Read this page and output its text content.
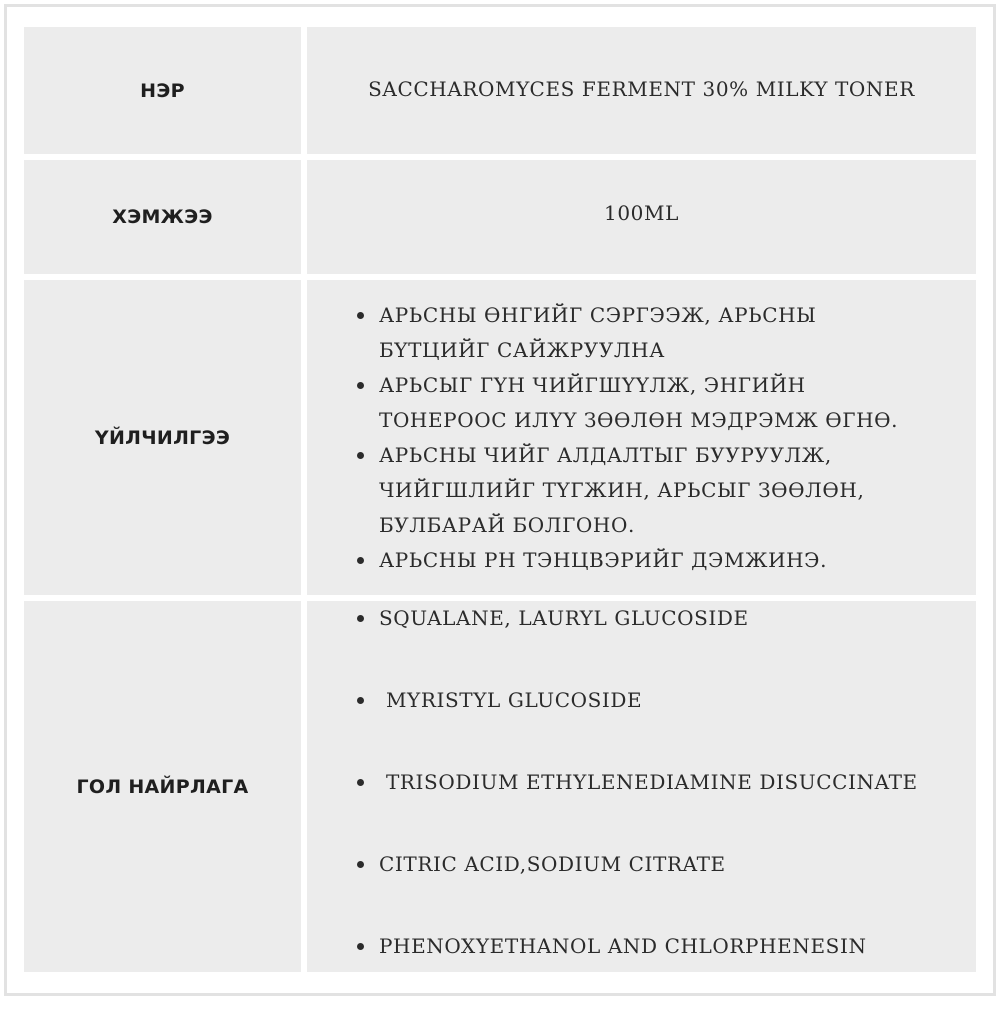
НЭР	SACCHAROMYCES FERMENT 30% MILKY TONER
ХЭМЖЭЭ	100ML
ҮЙЛЧИЛГЭЭ
АРЬСНЫ ӨНГИЙГ СЭРГЭЭЖ, АРЬСНЫ БҮТЦИЙГ САЙЖРУУЛНА
АРЬСЫГ ГҮН ЧИЙГШҮҮЛЖ, ЭНГИЙН ТОНЕРООС ИЛҮҮ ЗӨӨЛӨН МЭДРЭМЖ ӨГНӨ.
АРЬСНЫ ЧИЙГ АЛДАЛТЫГ БУУРУУЛЖ, ЧИЙГШЛИЙГ ТҮГЖИН, АРЬСЫГ ЗӨӨЛӨН, БУЛБАРАЙ БОЛГОНО.
АРЬСНЫ PH ТЭНЦВЭРИЙГ ДЭМЖИНЭ.
ГОЛ НАЙРЛАГА

SQUALANE, LAURYL GLUCOSIDE

MYRISTYL GLUCOSIDE

TRISODIUM ETHYLENEDIAMINE DISUCCINATE

CITRIC ACID,SODIUM CITRATE

PHENOXYETHANOL AND CHLORPHENESIN
